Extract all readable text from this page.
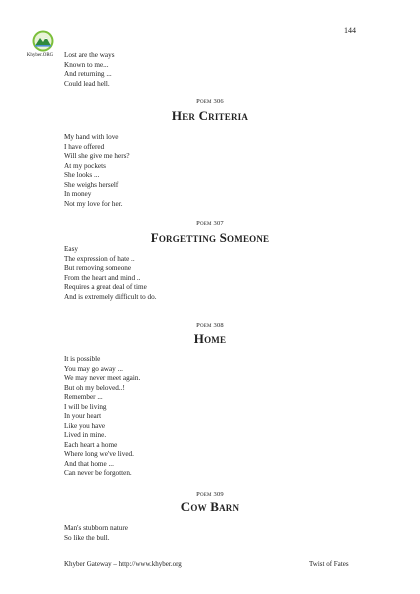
144
Khyber.ORG	Lost are the ways
Known to me...
And returning ...
Could lead hell.
Poem 306
Her Criteria
My hand with love
I have offered
Will she give me hers?
At my pockets
She looks ...
She weighs herself
In money
Not my love for her.
Poem 307
Forgetting Someone
Easy
The expression of hate ..
But removing someone
From the heart and mind ..
Requires a great deal of time
And is extremely difficult to do.
Poem 308
Home
It is possible
You may go away ...
We may never meet again.
But oh my beloved..!
Remember ...
I will be living
In your heart
Like you have
Lived in mine.
Each heart a home
Where long we've lived.
And that home ...
Can never be forgotten.
Poem 309
Cow Barn
Man's stubborn nature
So like the bull.
Khyber Gateway – http://www.khyber.org	Twist of Fates
